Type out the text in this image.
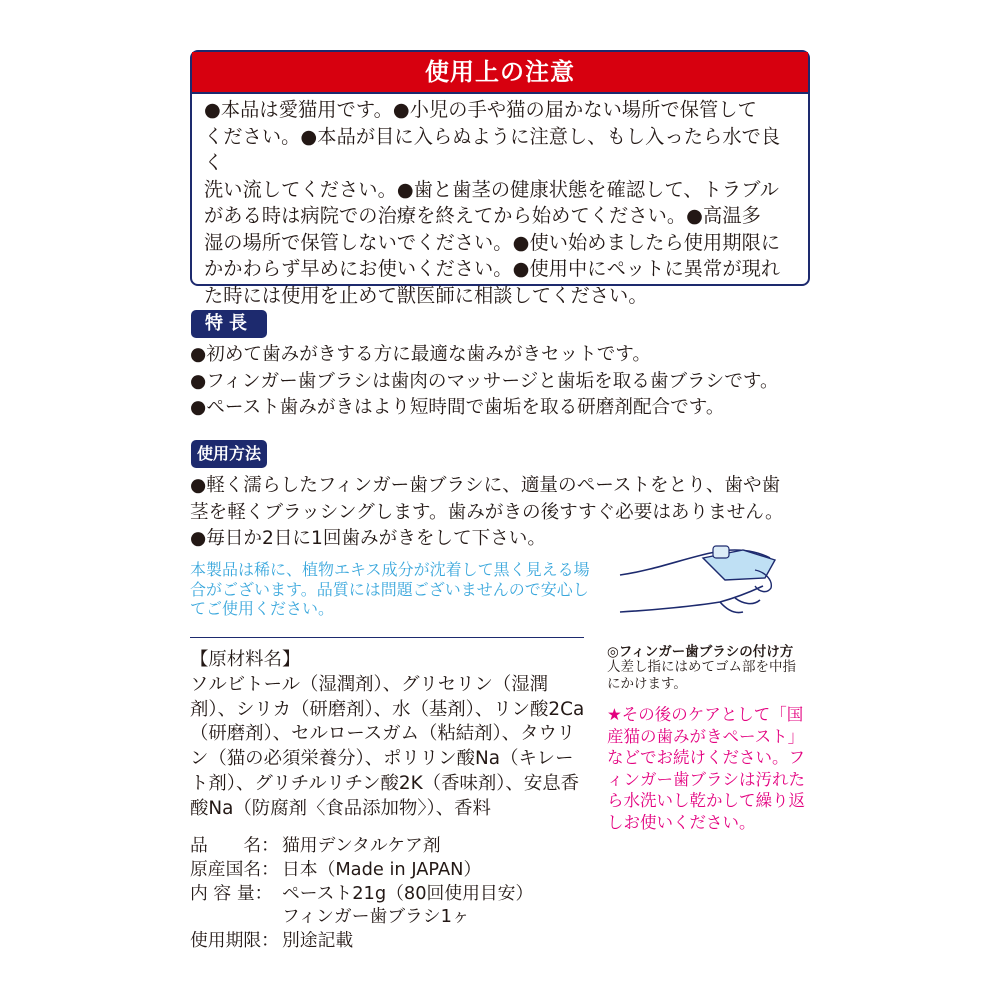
使用上の注意
●本品は愛猫用です。●小児の手や猫の届かない場所で保管して
ください。●本品が目に入らぬように注意し、もし入ったら水で良く
洗い流してください。●歯と歯茎の健康状態を確認して、トラブル
がある時は病院での治療を終えてから始めてください。●高温多
湿の場所で保管しないでください。●使い始めましたら使用期限に
かかわらず早めにお使いください。●使用中にペットに異常が現れ
た時には使用を止めて獣医師に相談してください。
特長
●初めて歯みがきする方に最適な歯みがきセットです。
●フィンガー歯ブラシは歯肉のマッサージと歯垢を取る歯ブラシです。
●ペースト歯みがきはより短時間で歯垢を取る研磨剤配合です。
使用方法
●軽く濡らしたフィンガー歯ブラシに、適量のペーストをとり、歯や歯
茎を軽くブラッシングします。歯みがきの後すすぐ必要はありません。
●毎日か2日に1回歯みがきをして下さい。
本製品は稀に、植物エキス成分が沈着して黒く見える場合がございます。品質には問題ございませんので安心してご使用ください。
【原材料名】
ソルビトール（湿潤剤）、グリセリン（湿潤剤）、シリカ（研磨剤）、水（基剤）、リン酸2Ca（研磨剤）、セルロースガム（粘結剤）、タウリン（猫の必須栄養分）、ポリリン酸Na（キレート剤）、グリチルリチン酸2K（香味剤）、安息香酸Na（防腐剤〈食品添加物〉）、香料
品　　名： 猫用デンタルケア剤
原産国名： 日本（Made in JAPAN）
内 容 量： ペースト21g（80回使用目安）
フィンガー歯ブラシ1ヶ
使用期限： 別途記載
◎フィンガー歯ブラシの付け方
人差し指にはめてゴム部を中指にかけます。
★その後のケアとして「国産猫の歯みがきペースト」などでお続けください。フィンガー歯ブラシは汚れたら水洗いし乾かして繰り返しお使いください。
